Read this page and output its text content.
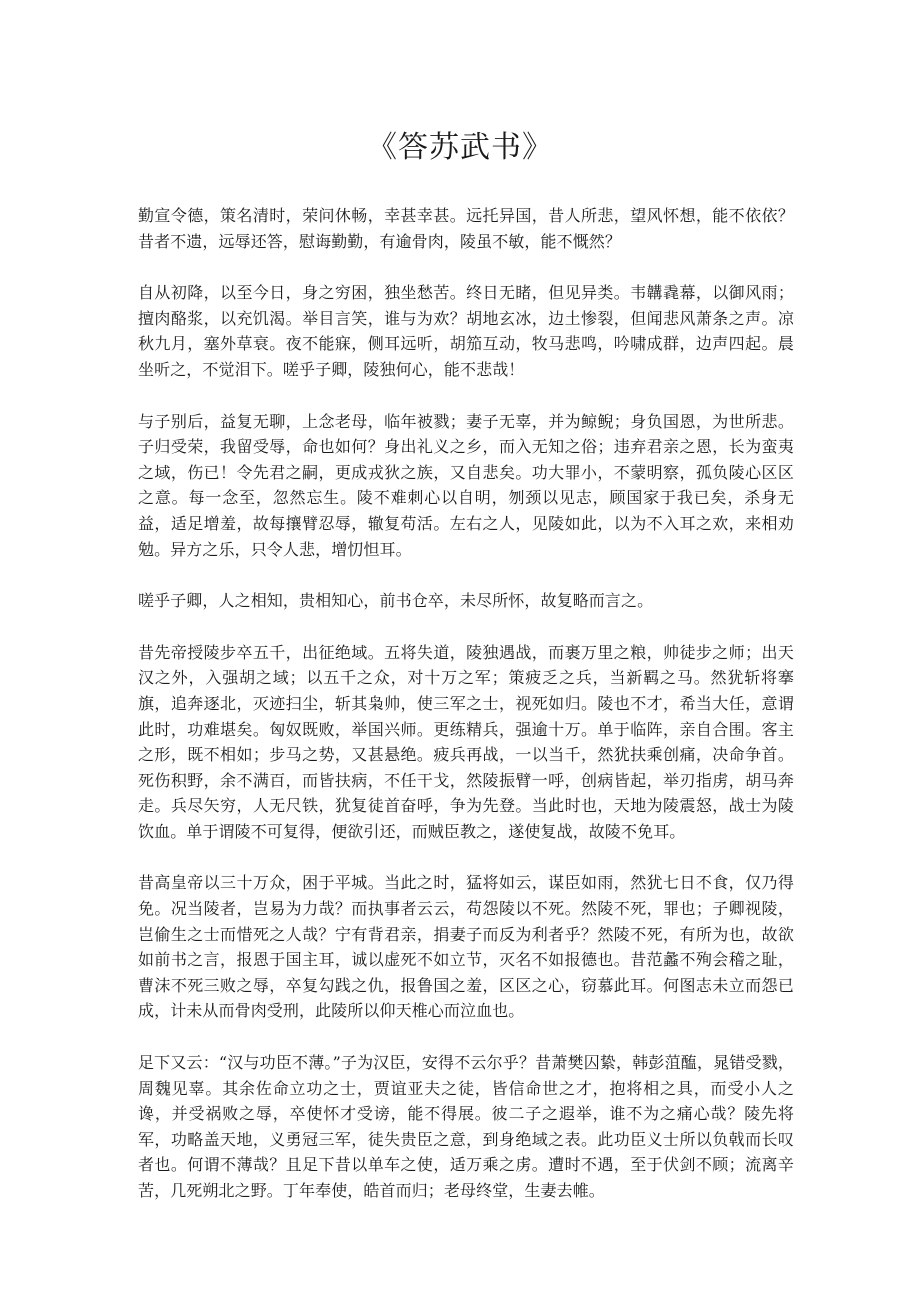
《答苏武书》

勤宣令德，策名清时，荣问休畅，幸甚幸甚。远托异国，昔人所悲，望风怀想，能不依依？昔者不遗，远辱还答，慰诲勤勤，有逾骨肉，陵虽不敏，能不慨然？

自从初降，以至今日，身之穷困，独坐愁苦。终日无睹，但见异类。韦韝毳幕，以御风雨；擅肉酪浆，以充饥渴。举目言笑，谁与为欢？胡地玄冰，边土惨裂，但闻悲风萧条之声。凉秋九月，塞外草衰。夜不能寐，侧耳远听，胡笳互动，牧马悲鸣，吟啸成群，边声四起。晨坐听之，不觉泪下。嗟乎子卿，陵独何心，能不悲哉！

与子别后，益复无聊，上念老母，临年被戮；妻子无辜，并为鲸鲵；身负国恩，为世所悲。子归受荣，我留受辱，命也如何？身出礼义之乡，而入无知之俗；违弃君亲之恩，长为蛮夷之域，伤已！令先君之嗣，更成戎狄之族，又自悲矣。功大罪小，不蒙明察，孤负陵心区区之意。每一念至，忽然忘生。陵不难刺心以自明，刎颈以见志，顾国家于我已矣，杀身无益，适足增羞，故每攘臂忍辱，辙复苟活。左右之人，见陵如此，以为不入耳之欢，来相劝勉。异方之乐，只令人悲，增忉怛耳。

嗟乎子卿，人之相知，贵相知心，前书仓卒，未尽所怀，故复略而言之。

昔先帝授陵步卒五千，出征绝域。五将失道，陵独遇战，而裹万里之粮，帅徒步之师；出天汉之外，入强胡之域；以五千之众，对十万之军；策疲乏之兵，当新羁之马。然犹斩将搴旗，追奔逐北，灭迹扫尘，斩其枭帅，使三军之士，视死如归。陵也不才，希当大任，意谓此时，功难堪矣。匈奴既败，举国兴师。更练精兵，强逾十万。单于临阵，亲自合围。客主之形，既不相如；步马之势，又甚悬绝。疲兵再战，一以当千，然犹扶乘创痛，决命争首。死伤积野，余不满百，而皆扶病，不任干戈，然陵振臂一呼，创病皆起，举刃指虏，胡马奔走。兵尽矢穷，人无尺铁，犹复徒首奋呼，争为先登。当此时也，天地为陵震怒，战士为陵饮血。单于谓陵不可复得，便欲引还，而贼臣教之，遂使复战，故陵不免耳。

昔高皇帝以三十万众，困于平城。当此之时，猛将如云，谋臣如雨，然犹七日不食，仅乃得免。况当陵者，岂易为力哉？而执事者云云，苟怨陵以不死。然陵不死，罪也；子卿视陵，岂偷生之士而惜死之人哉？宁有背君亲，捐妻子而反为利者乎？然陵不死，有所为也，故欲如前书之言，报恩于国主耳，诚以虚死不如立节，灭名不如报德也。昔范蠡不殉会稽之耻，曹沫不死三败之辱，卒复勾践之仇，报鲁国之羞，区区之心，窃慕此耳。何图志未立而怨已成，计未从而骨肉受刑，此陵所以仰天椎心而泣血也。

足下又云：“汉与功臣不薄。”子为汉臣，安得不云尔乎？昔萧樊囚絷，韩彭菹醢，晁错受戮，周魏见辜。其余佐命立功之士，贾谊亚夫之徒，皆信命世之才，抱将相之具，而受小人之谗，并受祸败之辱，卒使怀才受谤，能不得展。彼二子之遐举，谁不为之痛心哉？陵先将军，功略盖天地，义勇冠三军，徒失贵臣之意，到身绝域之表。此功臣义士所以负戟而长叹者也。何谓不薄哉？且足下昔以单车之使，适万乘之虏。遭时不遇，至于伏剑不顾；流离辛苦，几死朔北之野。丁年奉使，皓首而归；老母终堂，生妻去帷。
